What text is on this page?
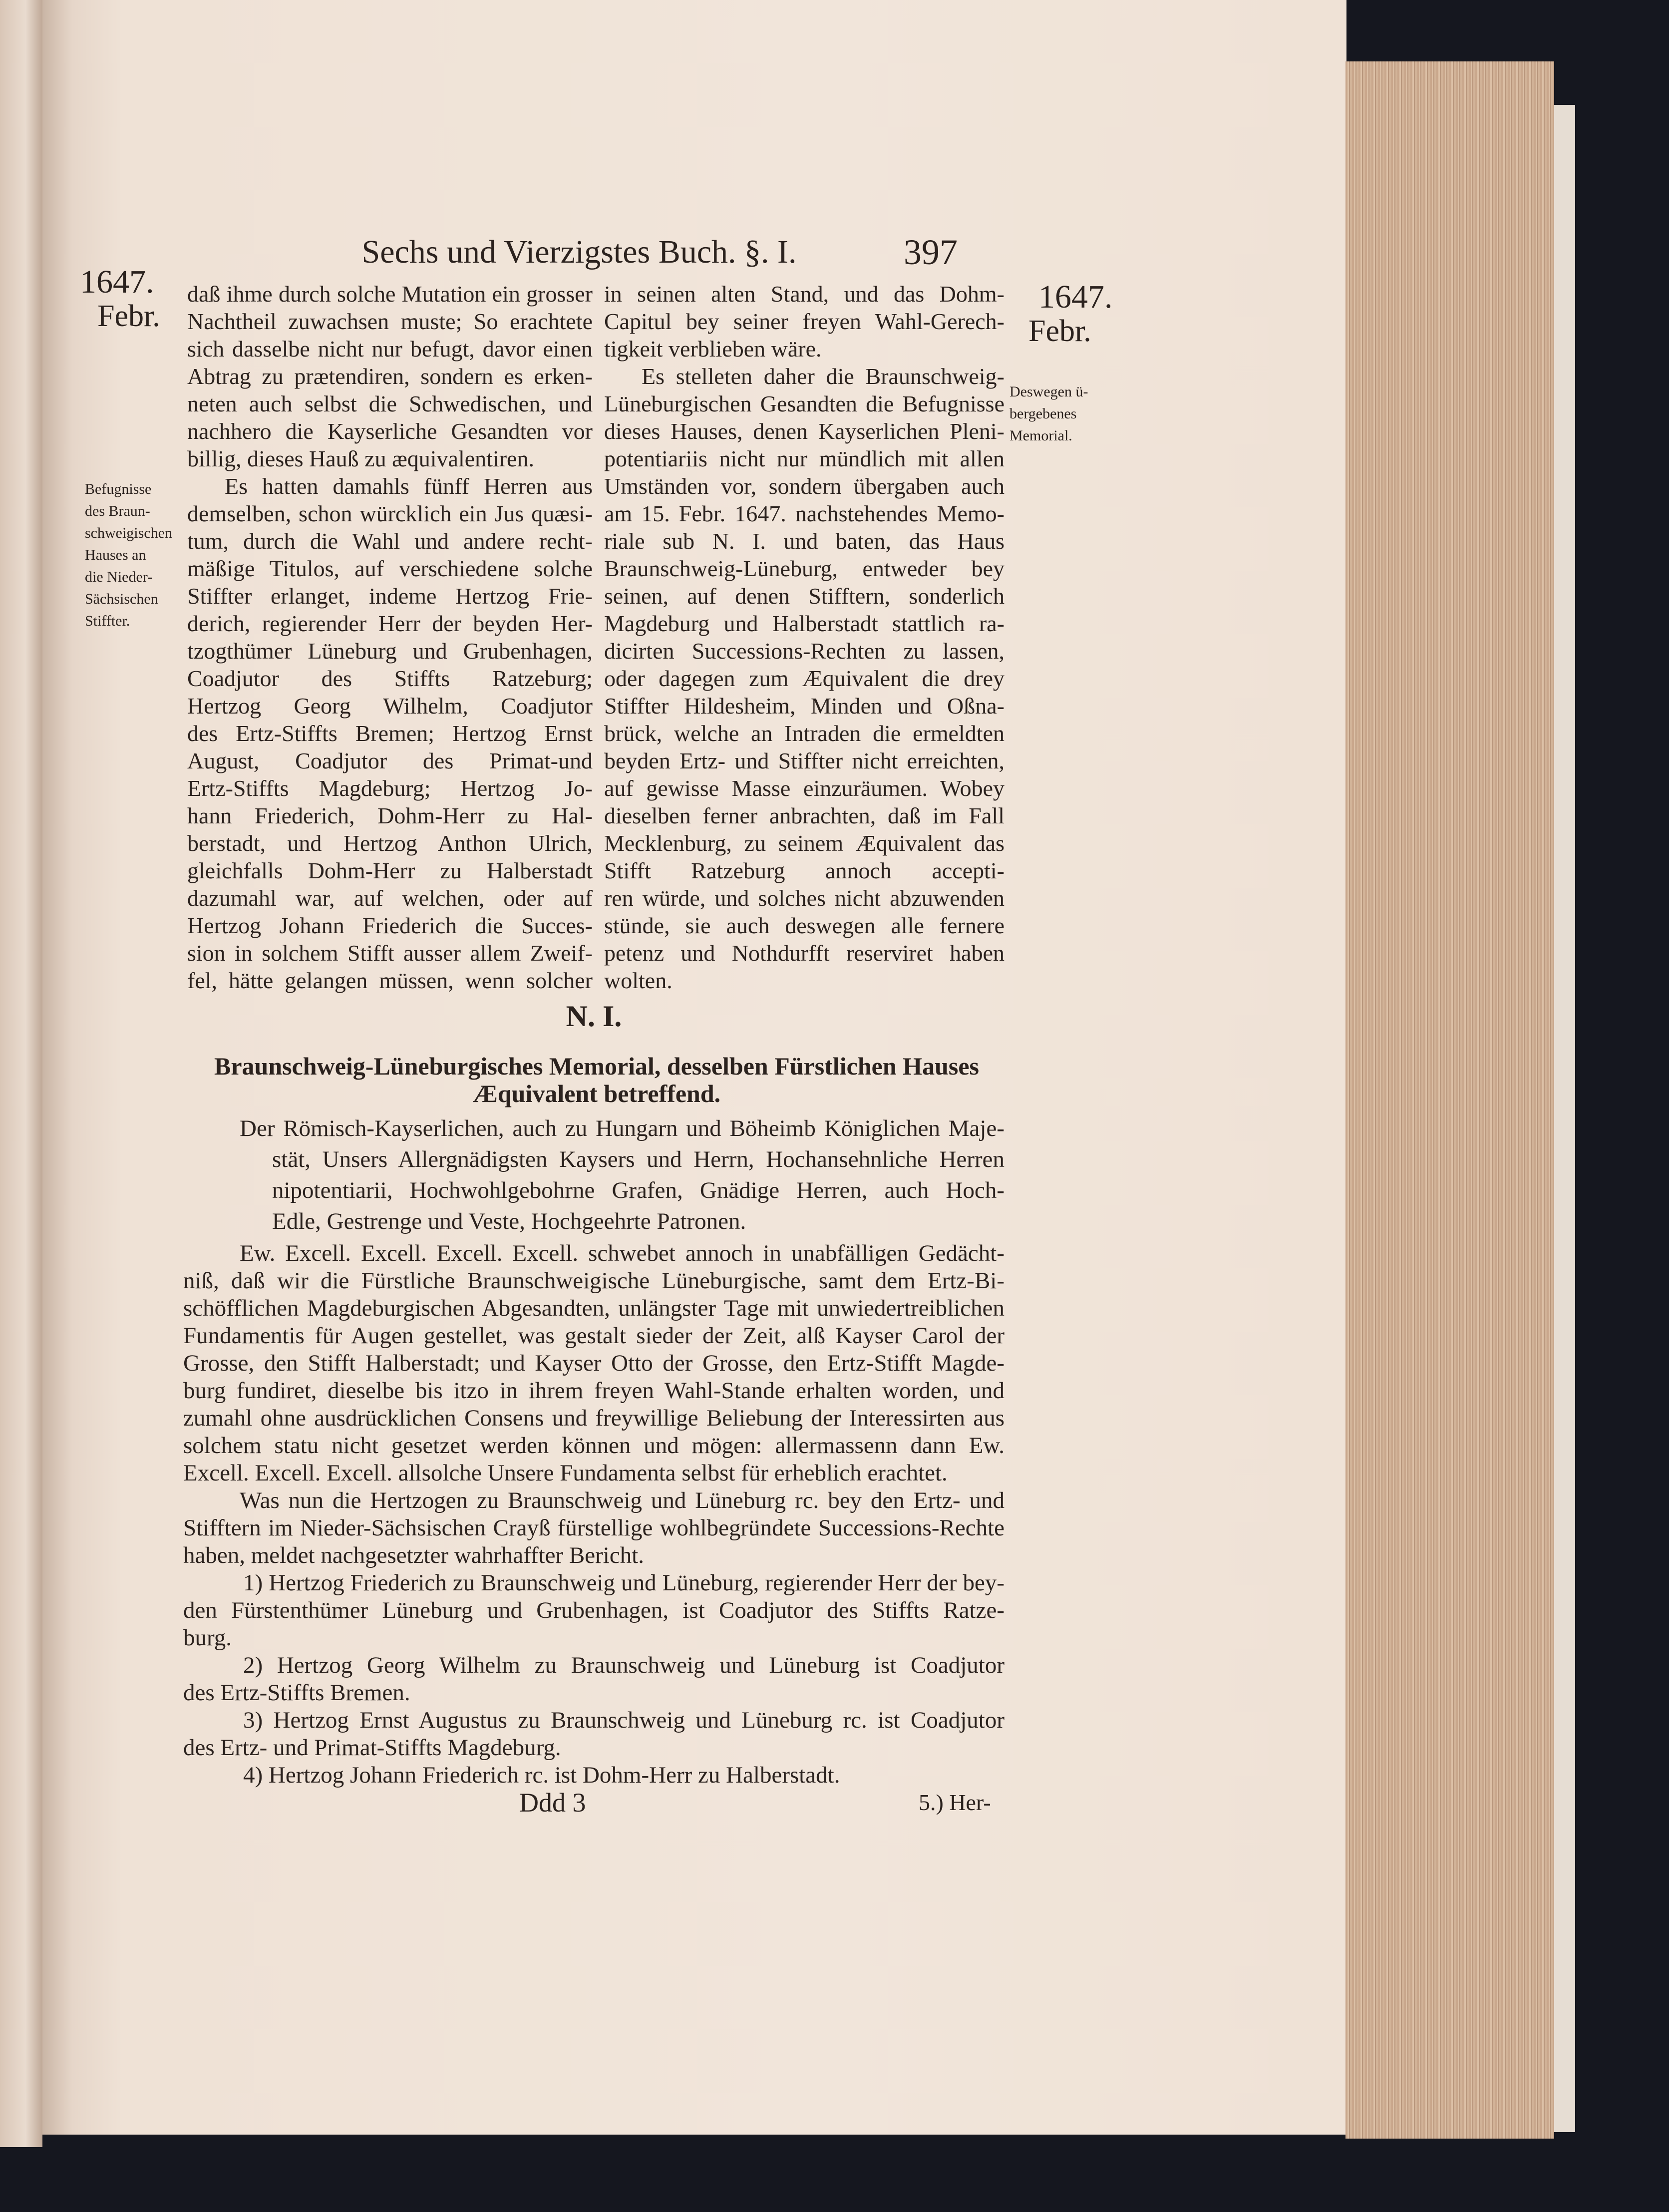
Sechs und Vierzigstes Buch. §. I.	397
1647.
Febr.
Befugnisse
des Braun-
schweigischen
Hauses an
die Nieder-
Sächsischen
Stiffter.
1647.
Febr.
Deswegen ü-
bergebenes
Memorial.
daß ihme durch solche Mutation ein grosser
Nachtheil zuwachsen muste; So erachtete
sich dasselbe nicht nur befugt, davor einen
Abtrag zu prætendiren, sondern es erken-
neten auch selbst die Schwedischen, und
nachhero die Kayserliche Gesandten vor
billig, dieses Hauß zu æquivalentiren.
Es hatten damahls fünff Herren aus
demselben, schon würcklich ein Jus quæsi-
tum, durch die Wahl und andere recht-
mäßige Titulos, auf verschiedene solche
Stiffter erlanget, indeme Hertzog Frie-
derich, regierender Herr der beyden Her-
tzogthümer Lüneburg und Grubenhagen,
Coadjutor des Stiffts Ratzeburg;
Hertzog Georg Wilhelm, Coadjutor
des Ertz-Stiffts Bremen; Hertzog Ernst
August, Coadjutor des Primat-und
Ertz-Stiffts Magdeburg; Hertzog Jo-
hann Friederich, Dohm-Herr zu Hal-
berstadt, und Hertzog Anthon Ulrich,
gleichfalls Dohm-Herr zu Halberstadt
dazumahl war, auf welchen, oder auf
Hertzog Johann Friederich die Succes-
sion in solchem Stifft ausser allem Zweif-
fel, hätte gelangen müssen, wenn solcher
in seinen alten Stand, und das Dohm-
Capitul bey seiner freyen Wahl-Gerech-
tigkeit verblieben wäre.
Es stelleten daher die Braunschweig-
Lüneburgischen Gesandten die Befugnisse
dieses Hauses, denen Kayserlichen Pleni-
potentiariis nicht nur mündlich mit allen
Umständen vor, sondern übergaben auch
am 15. Febr. 1647. nachstehendes Memo-
riale sub N. I. und baten, das Haus
Braunschweig-Lüneburg, entweder bey
seinen, auf denen Stifftern, sonderlich
Magdeburg und Halberstadt stattlich ra-
dicirten Successions-Rechten zu lassen,
oder dagegen zum Æquivalent die drey
Stiffter Hildesheim, Minden und Oßna-
brück, welche an Intraden die ermeldten
beyden Ertz- und Stiffter nicht erreichten,
auf gewisse Masse einzuräumen. Wobey
dieselben ferner anbrachten, daß im Fall
Mecklenburg, zu seinem Æquivalent das
Stifft Ratzeburg annoch accepti-
ren würde, und solches nicht abzuwenden
stünde, sie auch deswegen alle fernere
petenz und Nothdurfft reserviret haben
wolten.
N. I.
Braunschweig-Lüneburgisches Memorial, desselben Fürstlichen Hauses
Æquivalent betreffend.
Der Römisch-Kayserlichen, auch zu Hungarn und Böheimb Königlichen Maje-
stät, Unsers Allergnädigsten Kaysers und Herrn, Hochansehnliche Herren
nipotentiarii, Hochwohlgebohrne Grafen, Gnädige Herren, auch Hoch-
Edle, Gestrenge und Veste, Hochgeehrte Patronen.
Ew. Excell. Excell. Excell. Excell. schwebet annoch in unabfälligen Gedächt-
niß, daß wir die Fürstliche Braunschweigische Lüneburgische, samt dem Ertz-Bi-
schöfflichen Magdeburgischen Abgesandten, unlängster Tage mit unwiedertreiblichen
Fundamentis für Augen gestellet, was gestalt sieder der Zeit, alß Kayser Carol der
Grosse, den Stifft Halberstadt; und Kayser Otto der Grosse, den Ertz-Stifft Magde-
burg fundiret, dieselbe bis itzo in ihrem freyen Wahl-Stande erhalten worden, und
zumahl ohne ausdrücklichen Consens und freywillige Beliebung der Interessirten aus
solchem statu nicht gesetzet werden können und mögen: allermassenn dann Ew.
Excell. Excell. Excell. allsolche Unsere Fundamenta selbst für erheblich erachtet.
Was nun die Hertzogen zu Braunschweig und Lüneburg rc. bey den Ertz- und
Stifftern im Nieder-Sächsischen Crayß fürstellige wohlbegründete Successions-Rechte
haben, meldet nachgesetzter wahrhaffter Bericht.
1) Hertzog Friederich zu Braunschweig und Lüneburg, regierender Herr der bey-
den Fürstenthümer Lüneburg und Grubenhagen, ist Coadjutor des Stiffts Ratze-
burg.
2) Hertzog Georg Wilhelm zu Braunschweig und Lüneburg ist Coadjutor
des Ertz-Stiffts Bremen.
3) Hertzog Ernst Augustus zu Braunschweig und Lüneburg rc. ist Coadjutor
des Ertz- und Primat-Stiffts Magdeburg.
4) Hertzog Johann Friederich rc. ist Dohm-Herr zu Halberstadt.
Ddd 3	5.) Her-
